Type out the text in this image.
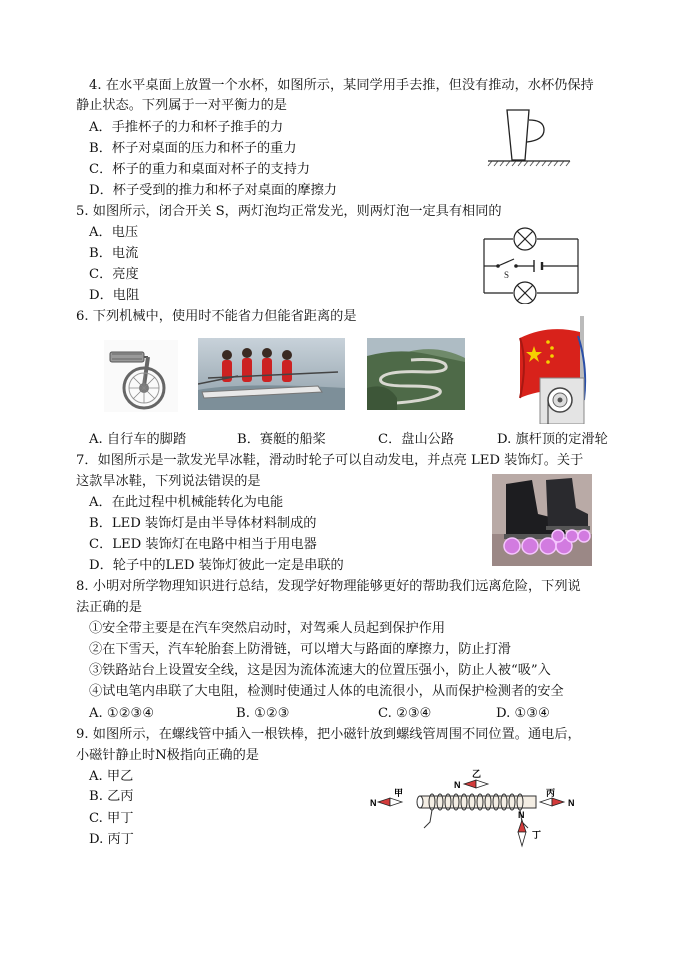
4. 在水平桌面上放置一个水杯，如图所示，某同学用手去推，但没有推动，水杯仍保持
静止状态。下列属于一对平衡力的是
A．手推杯子的力和杯子推手的力
B．杯子对桌面的压力和杯子的重力
C．杯子的重力和桌面对杯子的支持力
D．杯子受到的推力和杯子对桌面的摩擦力
5. 如图所示，闭合开关 S，两灯泡均正常发光，则两灯泡一定具有相同的
A．电压
B．电流
C．亮度
D．电阻
S
6. 下列机械中，使用时不能省力但能省距离的是
A. 自行车的脚踏	B．赛艇的船桨	C．盘山公路	D. 旗杆顶的定滑轮
7．如图所示是一款发光旱冰鞋，滑动时轮子可以自动发电，并点亮 LED 装饰灯。关于
这款旱冰鞋，下列说法错误的是
A．在此过程中机械能转化为电能
B．LED 装饰灯是由半导体材料制成的
C．LED 装饰灯在电路中相当于用电器
D．轮子中的LED 装饰灯彼此一定是串联的
8. 小明对所学物理知识进行总结，发现学好物理能够更好的帮助我们远离危险，下列说
法正确的是
①安全带主要是在汽车突然启动时，对驾乘人员起到保护作用
②在下雪天，汽车轮胎套上防滑链，可以增大与路面的摩擦力，防止打滑
③铁路站台上设置安全线，这是因为流体流速大的位置压强小，防止人被“吸”入
④试电笔内串联了大电阻，检测时使通过人体的电流很小，从而保护检测者的安全
A. ①②③④	B. ①②③	C. ②③④	D. ①③④
9. 如图所示，在螺线管中插入一根铁棒，把小磁针放到螺线管周围不同位置。通电后，
小磁针静止时N极指向正确的是
A. 甲乙
B. 乙丙
C. 甲丁
D. 丙丁
N
甲
N
乙
N
丙
N
丁
